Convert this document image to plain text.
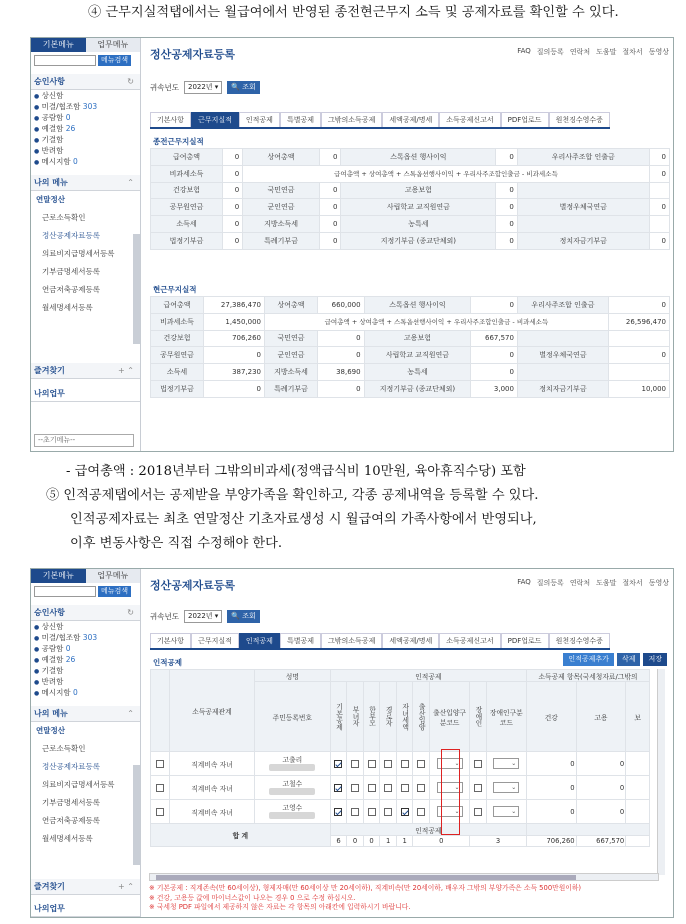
④ 근무지실적탭에서는 월급여에서 반영된 종전현근무지 소득 및 공제자료를 확인할 수 있다.
기본메뉴	업무메뉴
메뉴검색
승인사항	↻
● 상신함
● 미결/협조함 303
● 공람함 0
● 예결함 26
● 기결함
● 반려함
● 메시지함 0
나의 메뉴	⌃
연말정산
근로소득확인
정산공제자료등록
의료비지급명세서등록
기부금명세서등록
연금저축공제등록
월세명세서등록
즐겨찾기	+ ⌃
나의업무
--초기메뉴--
정산공제자료등록	FAQ 질의등록 연락처 도움말 절차서 동영상
귀속년도	2022년 ▾	🔍 조회
기본사항	근무지실적	인적공제	특별공제	그밖의소득공제	세액공제/명세	소득공제신고서	PDF업로드	원천징수영수증
종전근무지실적
급여총액	0	상여총액	0	스톡옵션 행사이익	0	우리사주조합 인출금	0
비과세소득	0	급여총액 + 상여총액 + 스톡옵션행사이익 + 우리사주조합인출금 - 비과세소득					0
건강보험	0	국민연금	0	고용보험	0		
공무원연금	0	군인연금	0	사립학교 교직원연금	0	별정우체국연금	0
소득세	0	지방소득세	0	농특세	0		
법정기부금	0	특례기부금	0	지정기부금 (종교단체외)	0	정치자금기부금	0
현근무지실적
급여총액	27,386,470	상여총액	660,000	스톡옵션 행사이익	0	우리사주조합 인출금	0
비과세소득	1,450,000	급여총액 + 상여총액 + 스톡옵션행사이익 + 우리사주조합인출금 - 비과세소득					26,596,470
건강보험	706,260	국민연금	0	고용보험	667,570		
공무원연금	0	군인연금	0	사립학교 교직원연금	0	별정우체국연금	0
소득세	387,230	지방소득세	38,690	농특세	0		
법정기부금	0	특례기부금	0	지정기부금 (종교단체외)	3,000	정치자금기부금	10,000
- 급여총액 : 2018년부터 그밖의비과세(정액급식비 10만원, 육아휴직수당) 포함
⑤ 인적공제탭에서는 공제받을 부양가족을 확인하고, 각종 공제내역을 등록할 수 있다.
인적공제자료는 최초 연말정산 기초자료생성 시 월급여의 가족사항에서 반영되나,
이후 변동사항은 직접 수정해야 한다.
기본메뉴	업무메뉴
메뉴검색
승인사항	↻
● 상신함
● 미결/협조함 303
● 공람함 0
● 예결함 26
● 기결함
● 반려함
● 메시지함 0
나의 메뉴	⌃
연말정산
근로소득확인
정산공제자료등록
의료비지급명세서등록
기부금명세서등록
연금저축공제등록
월세명세서등록
즐겨찾기	+ ⌃
나의업무
정산공제자료등록	FAQ 질의등록 연락처 도움말 절차서 동영상
귀속년도	2022년 ▾	🔍 조회
기본사항	근무지실적	인적공제	특별공제	그밖의소득공제	세액공제/명세	소득공제신고서	PDF업로드	원천징수영수증
인적공제	인적공제추가	삭제	저장
	소득공제관계	성명	인적공제									소득공제 항목(국세청자료/그밖의		
		주민등록번호	기본공제	부녀자	한부모	경로자	자녀세액	출산입양	출산입양구분코드	장애인	장애인구분코드	건강	고용	보
	직계비속 자녀	고출리							⌄		⌄	0	0	
	직계비속 자녀	고철수							⌄		⌄	0	0	
	직계비속 자녀	고영수							⌄		⌄	0	0	
합 계			인적공제											
			6	0	0	1	1	0		3		706,260	667,570	
※ 기본공제 : 직계존속(만 60세이상), 형제자매(만 60세이상 만 20세이하), 직계비속(만 20세이하, 배우자 그밖의 부양가족은 소득 500만원이하)
※ 건강, 고용등 값에 마이너스값이 나오는 경우 0 으로 수정 하십시오.
※ 국세청 PDF 파일에서 제공하지 않은 자료는 각 항목의 아래칸에 입력하시기 바랍니다.
